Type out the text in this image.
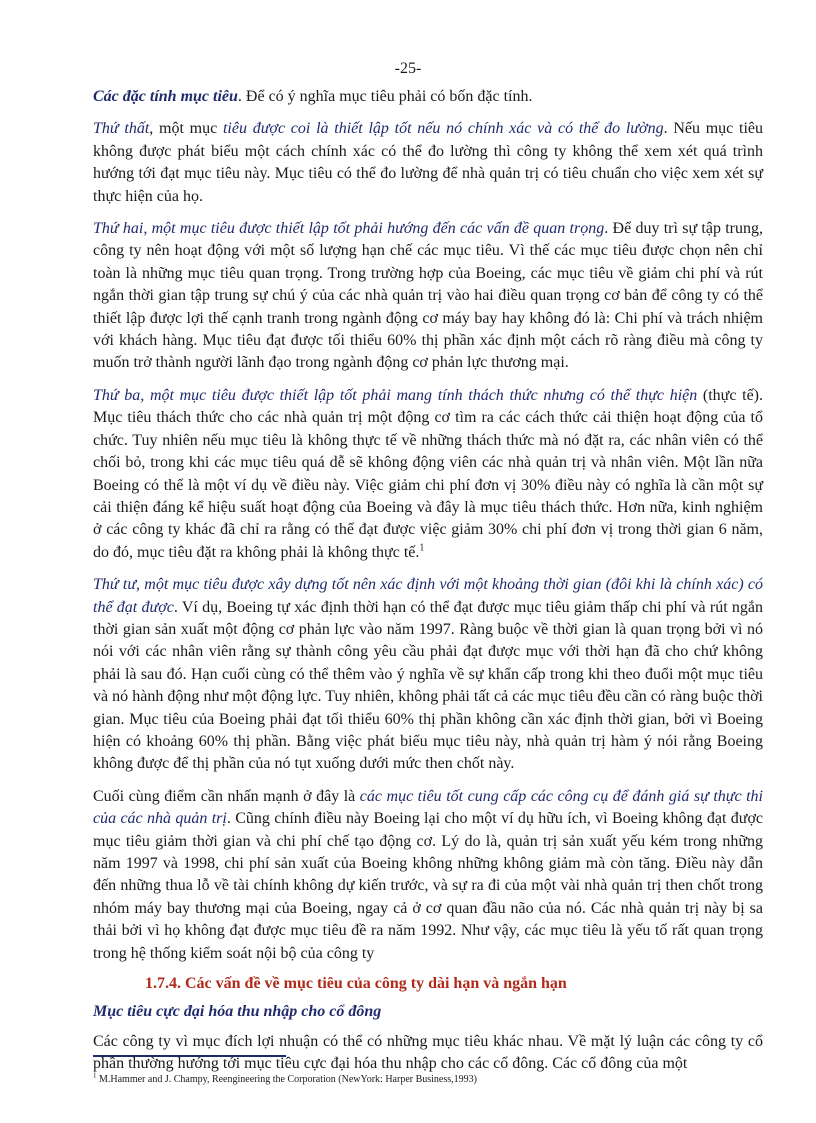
-25-

Các đặc tính mục tiêu. Để có ý nghĩa mục tiêu phải có bốn đặc tính.

Thứ thất, một mục tiêu được coi là thiết lập tốt nếu nó chính xác và có thể đo lường. Nếu mục tiêu không được phát biểu một cách chính xác có thể đo lường thì công ty không thể xem xét quá trình hướng tới đạt mục tiêu này. Mục tiêu có thể đo lường để nhà quản trị có tiêu chuẩn cho việc xem xét sự thực hiện của họ.

Thứ hai, một mục tiêu được thiết lập tốt phải hướng đến các vấn đề quan trọng. Để duy trì sự tập trung, công ty nên hoạt động với một số lượng hạn chế các mục tiêu. Vì thế các mục tiêu được chọn nên chỉ toàn là những mục tiêu quan trọng. Trong trường hợp của Boeing, các mục tiêu về giảm chi phí và rút ngắn thời gian tập trung sự chú ý của các nhà quản trị vào hai điều quan trọng cơ bản để công ty có thể thiết lập được lợi thế cạnh tranh trong ngành động cơ máy bay hay không đó là: Chi phí và trách nhiệm với khách hàng. Mục tiêu đạt được tối thiểu 60% thị phần xác định một cách rõ ràng điều mà công ty muốn trở thành người lãnh đạo trong ngành động cơ phản lực thương mại.

Thứ ba, một mục tiêu được thiết lập tốt phải mang tính thách thức nhưng có thể thực hiện (thực tế). Mục tiêu thách thức cho các nhà quản trị một động cơ tìm ra các cách thức cải thiện hoạt động của tổ chức. Tuy nhiên nếu mục tiêu là không thực tế về những thách thức mà nó đặt ra, các nhân viên có thể chối bỏ, trong khi các mục tiêu quá dễ sẽ không động viên các nhà quản trị và nhân viên. Một lần nữa Boeing có thể là một ví dụ về điều này. Việc giảm chi phí đơn vị 30% điều này có nghĩa là cần một sự cải thiện đáng kể hiệu suất hoạt động của Boeing và đây là mục tiêu thách thức. Hơn nữa, kinh nghiệm ở các công ty khác đã chỉ ra rằng có thể đạt được việc giảm 30% chi phí đơn vị trong thời gian 6 năm, do đó, mục tiêu đặt ra không phải là không thực tế.$^1$

Thứ tư, một mục tiêu được xây dựng tốt nên xác định với một khoảng thời gian (đôi khi là chính xác) có thể đạt được. Ví dụ, Boeing tự xác định thời hạn có thể đạt được mục tiêu giảm thấp chi phí và rút ngắn thời gian sản xuất một động cơ phản lực vào năm 1997. Ràng buộc về thời gian là quan trọng bởi vì nó nói với các nhân viên rằng sự thành công yêu cầu phải đạt được mục với thời hạn đã cho chứ không phải là sau đó. Hạn cuối cùng có thể thêm vào ý nghĩa về sự khẩn cấp trong khi theo đuổi một mục tiêu và nó hành động như một động lực. Tuy nhiên, không phải tất cả các mục tiêu đều cần có ràng buộc thời gian. Mục tiêu của Boeing phải đạt tối thiểu 60% thị phần không cần xác định thời gian, bởi vì Boeing hiện có khoảng 60% thị phần. Bằng việc phát biểu mục tiêu này, nhà quản trị hàm ý nói rằng Boeing không được để thị phần của nó tụt xuống dưới mức then chốt này.

Cuối cùng điểm cần nhấn mạnh ở đây là các mục tiêu tốt cung cấp các công cụ để đánh giá sự thực thi của các nhà quản trị. Cũng chính điều này Boeing lại cho một ví dụ hữu ích, vì Boeing không đạt được mục tiêu giảm thời gian và chi phí chế tạo động cơ. Lý do là, quản trị sản xuất yếu kém trong những năm 1997 và 1998, chi phí sản xuất của Boeing không những không giảm mà còn tăng. Điều này dẫn đến những thua lỗ về tài chính không dự kiến trước, và sự ra đi của một vài nhà quản trị then chốt trong nhóm máy bay thương mại của Boeing, ngay cả ở cơ quan đầu não của nó. Các nhà quản trị này bị sa thải bởi vì họ không đạt được mục tiêu đề ra năm 1992. Như vậy, các mục tiêu là yếu tố rất quan trọng trong hệ thống kiểm soát nội bộ của công ty

1.7.4. Các vấn đề về mục tiêu của công ty dài hạn và ngắn hạn
Mục tiêu cực đại hóa thu nhập cho cổ đông

Các công ty vì mục đích lợi nhuận có thể có những mục tiêu khác nhau. Về mặt lý luận các công ty cổ phần thường hướng tới mục tiêu cực đại hóa thu nhập cho các cổ đông. Các cổ đông của một

$^1$ M.Hammer and J. Champy, Reengineering the Corporation (NewYork: Harper Business,1993)
